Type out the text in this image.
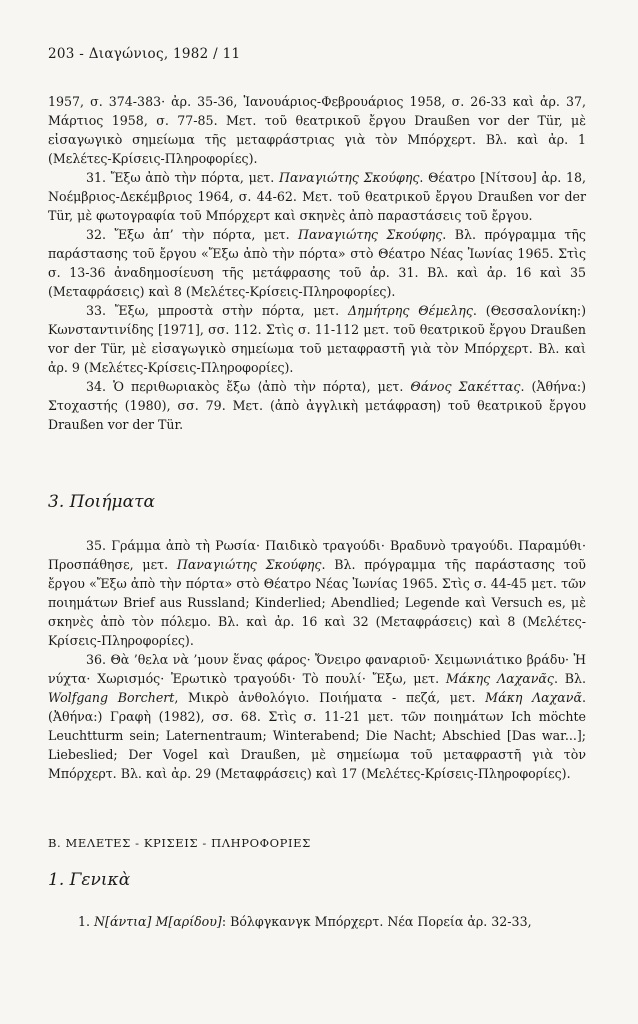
203 - Διαγώνιος, 1982 / 11

1957, σ. 374-383· ἀρ. 35-36, Ἰανουάριος-Φεβρουάριος 1958, σ. 26-33 καὶ ἀρ. 37, Μάρτιος 1958, σ. 77-85. Μετ. τοῦ θεατρικοῦ ἔργου Draußen vor der Tür, μὲ εἰσαγωγικὸ σημείωμα τῆς μεταφράστριας γιὰ τὸν Μπόρχερτ. Βλ. καὶ ἀρ. 1 (Μελέτες-Κρίσεις-Πληροφορίες).

31. Ἔξω ἀπὸ τὴν πόρτα, μετ. Παναγιώτης Σκούφης. Θέατρο [Νίτσου] ἀρ. 18, Νοέμβριος-Δεκέμβριος 1964, σ. 44-62. Μετ. τοῦ θεατρικοῦ ἔργου Draußen vor der Tür, μὲ φωτογραφία τοῦ Μπόρχερτ καὶ σκηνὲς ἀπὸ παραστάσεις τοῦ ἔργου.

32. Ἔξω ἀπ’ τὴν πόρτα, μετ. Παναγιώτης Σκούφης. Βλ. πρόγραμμα τῆς παράστασης τοῦ ἔργου «Ἔξω ἀπὸ τὴν πόρτα» στὸ Θέατρο Νέας Ἰωνίας 1965. Στὶς σ. 13-36 ἀναδημοσίευση τῆς μετάφρασης τοῦ ἀρ. 31. Βλ. καὶ ἀρ. 16 καὶ 35 (Μεταφράσεις) καὶ 8 (Μελέτες-Κρίσεις-Πληροφορίες).

33. Ἔξω, μπροστὰ στὴν πόρτα, μετ. Δημήτρης Θέμελης. (Θεσσαλονίκη:) Κωνσταντινίδης [1971], σσ. 112. Στὶς σ. 11-112 μετ. τοῦ θεατρικοῦ ἔργου Draußen vor der Tür, μὲ εἰσαγωγικὸ σημείωμα τοῦ μεταφραστῆ γιὰ τὸν Μπόρχερτ. Βλ. καὶ ἀρ. 9 (Μελέτες-Κρίσεις-Πληροφορίες).

34. Ὁ περιθωριακὸς ἔξω ⟨ἀπὸ τὴν πόρτα⟩, μετ. Θάνος Σακέττας. (Ἀθήνα:) Στοχαστής (1980), σσ. 79. Μετ. (ἀπὸ ἀγγλικὴ μετάφραση) τοῦ θεατρικοῦ ἔργου Draußen vor der Tür.

3. Ποιήματα

35. Γράμμα ἀπὸ τὴ Ρωσία· Παιδικὸ τραγούδι· Βραδυνὸ τραγούδι. Παραμύθι· Προσπάθησε, μετ. Παναγιώτης Σκούφης. Βλ. πρόγραμμα τῆς παράστασης τοῦ ἔργου «Ἔξω ἀπὸ τὴν πόρτα» στὸ Θέατρο Νέας Ἰωνίας 1965. Στὶς σ. 44-45 μετ. τῶν ποιημάτων Brief aus Russland; Kinderlied; Abendlied; Legende καὶ Versuch es, μὲ σκηνὲς ἀπὸ τὸν πόλεμο. Βλ. καὶ ἀρ. 16 καὶ 32 (Μεταφράσεις) καὶ 8 (Μελέτες-Κρίσεις-Πληροφορίες).

36. Θὰ ’θελα νὰ ’μουν ἕνας φάρος· Ὄνειρο φαναριοῦ· Χειμωνιάτικο βράδυ· Ἡ νύχτα· Χωρισμός· Ἐρωτικὸ τραγούδι· Τὸ πουλί· Ἔξω, μετ. Μάκης Λαχανᾶς. Βλ. Wolfgang Borchert, Μικρὸ ἀνθολόγιο. Ποιήματα - πεζά, μετ. Μάκη Λαχανᾶ. (Ἀθήνα:) Γραφὴ (1982), σσ. 68. Στὶς σ. 11-21 μετ. τῶν ποιημάτων Ich möchte Leuchtturm sein; Laternentraum; Winterabend; Die Nacht; Abschied [Das war...]; Liebeslied; Der Vogel καὶ Draußen, μὲ σημείωμα τοῦ μεταφραστῆ γιὰ τὸν Μπόρχερτ. Βλ. καὶ ἀρ. 29 (Μεταφράσεις) καὶ 17 (Μελέτες-Κρίσεις-Πληροφορίες).

Β. ΜΕΛΕΤΕΣ - ΚΡΙΣΕΙΣ - ΠΛΗΡΟΦΟΡΙΕΣ
1. Γενικὰ
1. N[άντια] M[αρίδου]: Βόλφγκανγκ Μπόρχερτ. Νέα Πορεία ἀρ. 32-33,
